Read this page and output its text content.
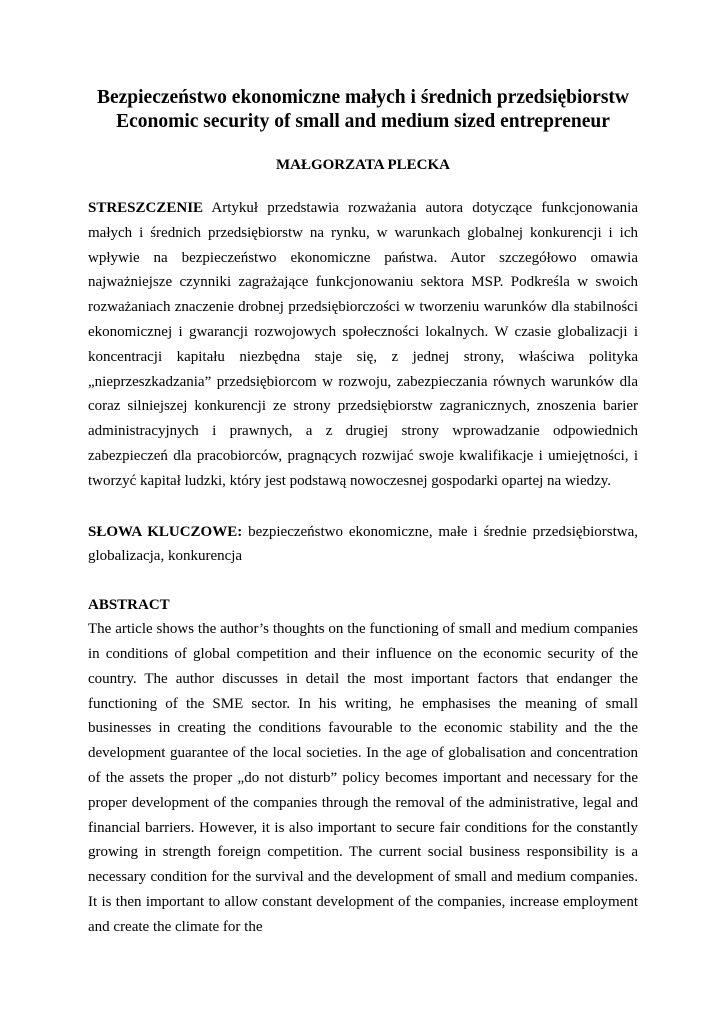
Bezpieczeństwo ekonomiczne małych i średnich przedsiębiorstw
Economic security of small and medium sized entrepreneur

MAŁGORZATA PLECKA

STRESZCZENIE Artykuł przedstawia rozważania autora dotyczące funkcjonowania małych i średnich przedsiębiorstw na rynku, w warunkach globalnej konkurencji i ich wpływie na bezpieczeństwo ekonomiczne państwa. Autor szczegółowo omawia najważniejsze czynniki zagrażające funkcjonowaniu sektora MSP. Podkreśla w swoich rozważaniach znaczenie drobnej przedsiębiorczości w tworzeniu warunków dla stabilności ekonomicznej i gwarancji rozwojowych społeczności lokalnych. W czasie globalizacji i koncentracji kapitału niezbędna staje się, z jednej strony, właściwa polityka „nieprzeszkadzania” przedsiębiorcom w rozwoju, zabezpieczania równych warunków dla coraz silniejszej konkurencji ze strony przedsiębiorstw zagranicznych, znoszenia barier administracyjnych i prawnych, a z drugiej strony wprowadzanie odpowiednich zabezpieczeń dla pracobiorców, pragnących rozwijać swoje kwalifikacje i umiejętności, i tworzyć kapitał ludzki, który jest podstawą nowoczesnej gospodarki opartej na wiedzy.

SŁOWA KLUCZOWE: bezpieczeństwo ekonomiczne, małe i średnie przedsiębiorstwa, globalizacja, konkurencja

ABSTRACT

The article shows the author’s thoughts on the functioning of small and medium companies in conditions of global competition and their influence on the economic security of the country. The author discusses in detail the most important factors that endanger the functioning of the SME sector. In his writing, he emphasises the meaning of small businesses in creating the conditions favourable to the economic stability and the the development guarantee of the local societies. In the age of globalisation and concentration of the assets the proper „do not disturb” policy becomes important and necessary for the proper development of the companies through the removal of the administrative, legal and financial barriers. However, it is also important to secure fair conditions for the constantly growing in strength foreign competition. The current social business responsibility is a necessary condition for the survival and the development of small and medium companies. It is then important to allow constant development of the companies, increase employment and create the climate for the
